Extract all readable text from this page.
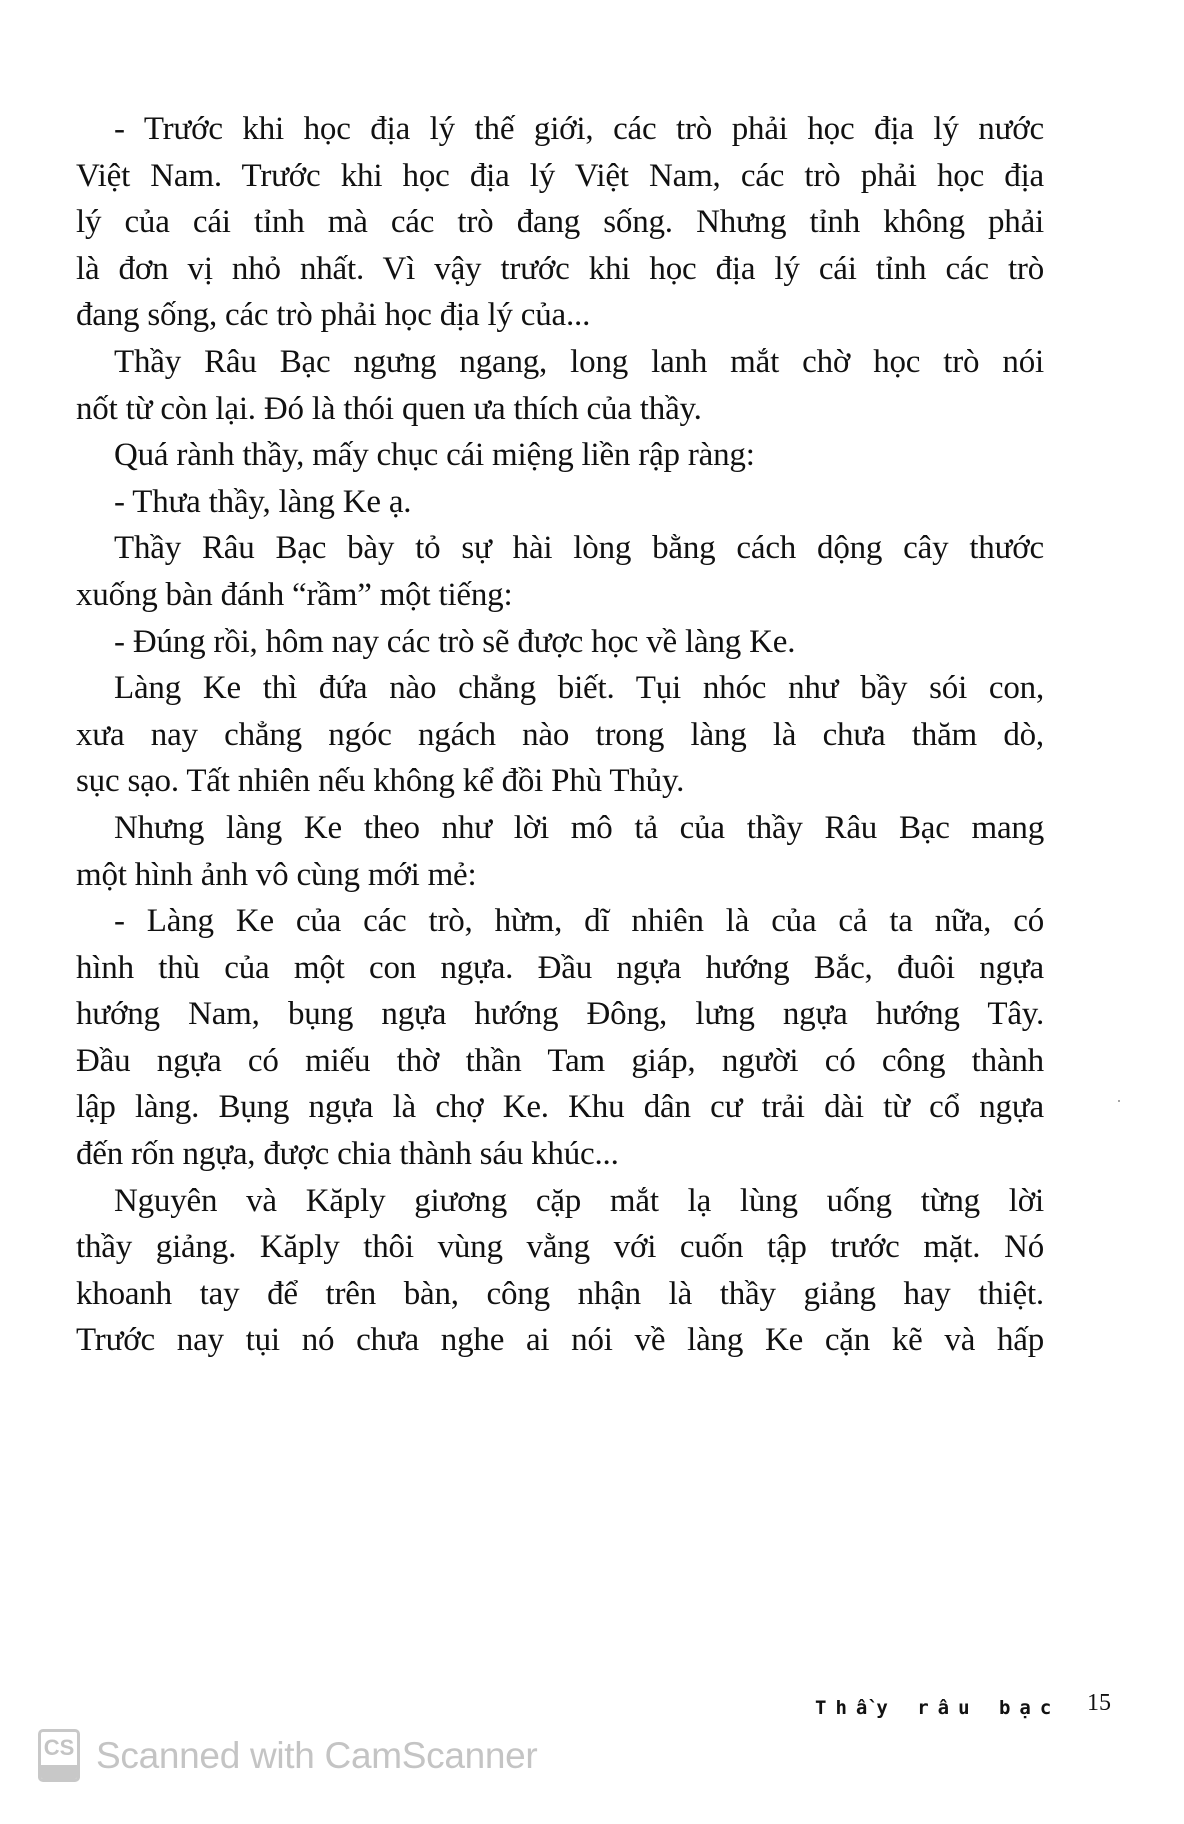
- Trước khi học địa lý thế giới, các trò phải học địa lý nước
Việt Nam. Trước khi học địa lý Việt Nam, các trò phải học địa
lý của cái tỉnh mà các trò đang sống. Nhưng tỉnh không phải
là đơn vị nhỏ nhất. Vì vậy trước khi học địa lý cái tỉnh các trò
đang sống, các trò phải học địa lý của...
Thầy Râu Bạc ngưng ngang, long lanh mắt chờ học trò nói
nốt từ còn lại. Đó là thói quen ưa thích của thầy.
Quá rành thầy, mấy chục cái miệng liền rập ràng:
- Thưa thầy, làng Ke ạ.
Thầy Râu Bạc bày tỏ sự hài lòng bằng cách dộng cây thước
xuống bàn đánh “rầm” một tiếng:
- Đúng rồi, hôm nay các trò sẽ được học về làng Ke.
Làng Ke thì đứa nào chẳng biết. Tụi nhóc như bầy sói con,
xưa nay chẳng ngóc ngách nào trong làng là chưa thăm dò,
sục sạo. Tất nhiên nếu không kể đồi Phù Thủy.
Nhưng làng Ke theo như lời mô tả của thầy Râu Bạc mang
một hình ảnh vô cùng mới mẻ:
- Làng Ke của các trò, hừm, dĩ nhiên là của cả ta nữa, có
hình thù của một con ngựa. Đầu ngựa hướng Bắc, đuôi ngựa
hướng Nam, bụng ngựa hướng Đông, lưng ngựa hướng Tây.
Đầu ngựa có miếu thờ thần Tam giáp, người có công thành
lập làng. Bụng ngựa là chợ Ke. Khu dân cư trải dài từ cổ ngựa
đến rốn ngựa, được chia thành sáu khúc...
Nguyên và Kăply giương cặp mắt lạ lùng uống từng lời
thầy giảng. Kăply thôi vùng vằng với cuốn tập trước mặt. Nó
khoanh tay để trên bàn, công nhận là thầy giảng hay thiệt.
Trước nay tụi nó chưa nghe ai nói về làng Ke cặn kẽ và hấp
Thầy râu bạc 15
CS Scanned with CamScanner
